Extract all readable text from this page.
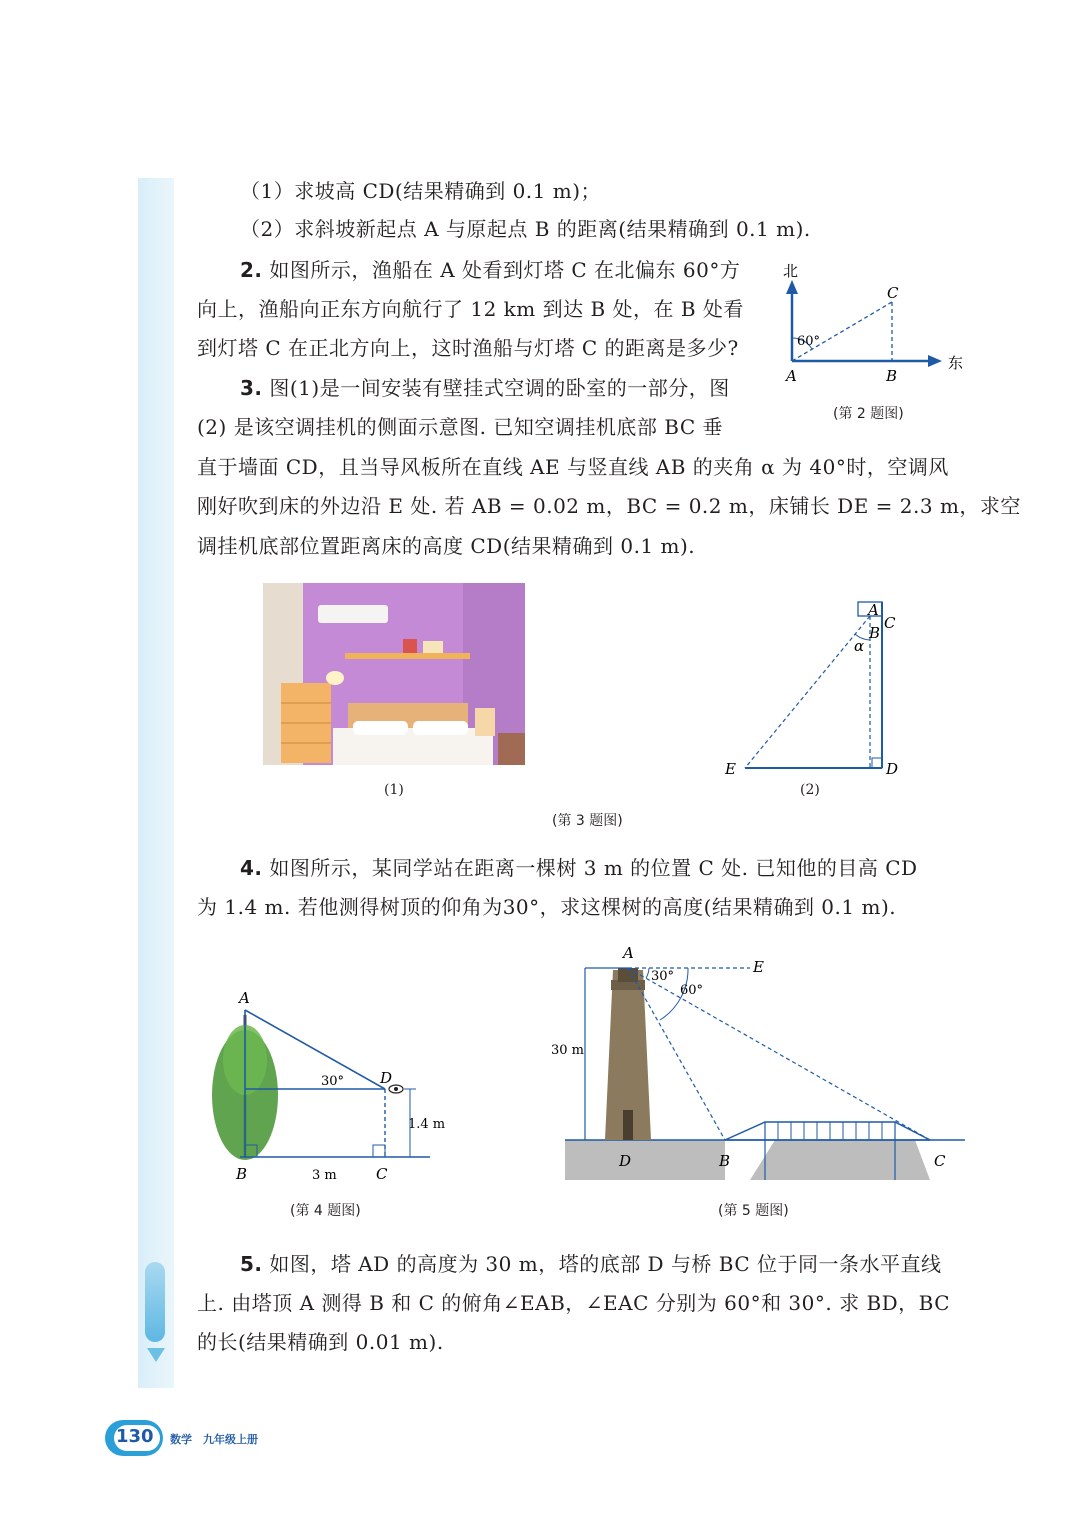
（1）求坡高 CD(结果精确到 0.1 m)；
（2）求斜坡新起点 A 与原起点 B 的距离(结果精确到 0.1 m).
2. 如图所示，渔船在 A 处看到灯塔 C 在北偏东 60°方
向上，渔船向正东方向航行了 12 km 到达 B 处，在 B 处看
到灯塔 C 在正北方向上，这时渔船与灯塔 C 的距离是多少?
3. 图(1)是一间安装有壁挂式空调的卧室的一部分，图
(2) 是该空调挂机的侧面示意图. 已知空调挂机底部 BC 垂
直于墙面 CD，且当导风板所在直线 AE 与竖直线 AB 的夹角 α 为 40°时，空调风
刚好吹到床的外边沿 E 处. 若 AB = 0.02 m，BC = 0.2 m，床铺长 DE = 2.3 m，求空
调挂机底部位置距离床的高度 CD(结果精确到 0.1 m).
4. 如图所示，某同学站在距离一棵树 3 m 的位置 C 处. 已知他的目高 CD
为 1.4 m. 若他测得树顶的仰角为30°，求这棵树的高度(结果精确到 0.1 m).
5. 如图，塔 AD 的高度为 30 m，塔的底部 D 与桥 BC 位于同一条水平直线
上. 由塔顶 A 测得 B 和 C 的俯角∠EAB，∠EAC 分别为 60°和 30°. 求 BD，BC
的长(结果精确到 0.01 m).
北
东
A	B
C
60°
(第 2 题图)
(1)
A
B
C
D
E
α
(2)
(第 3 题图)
A
B	C
D
30°
1.4 m
3 m
(第 4 题图)
A
E
D	B	C
30°
60°
30 m
(第 5 题图)
130 数学　九年级上册
